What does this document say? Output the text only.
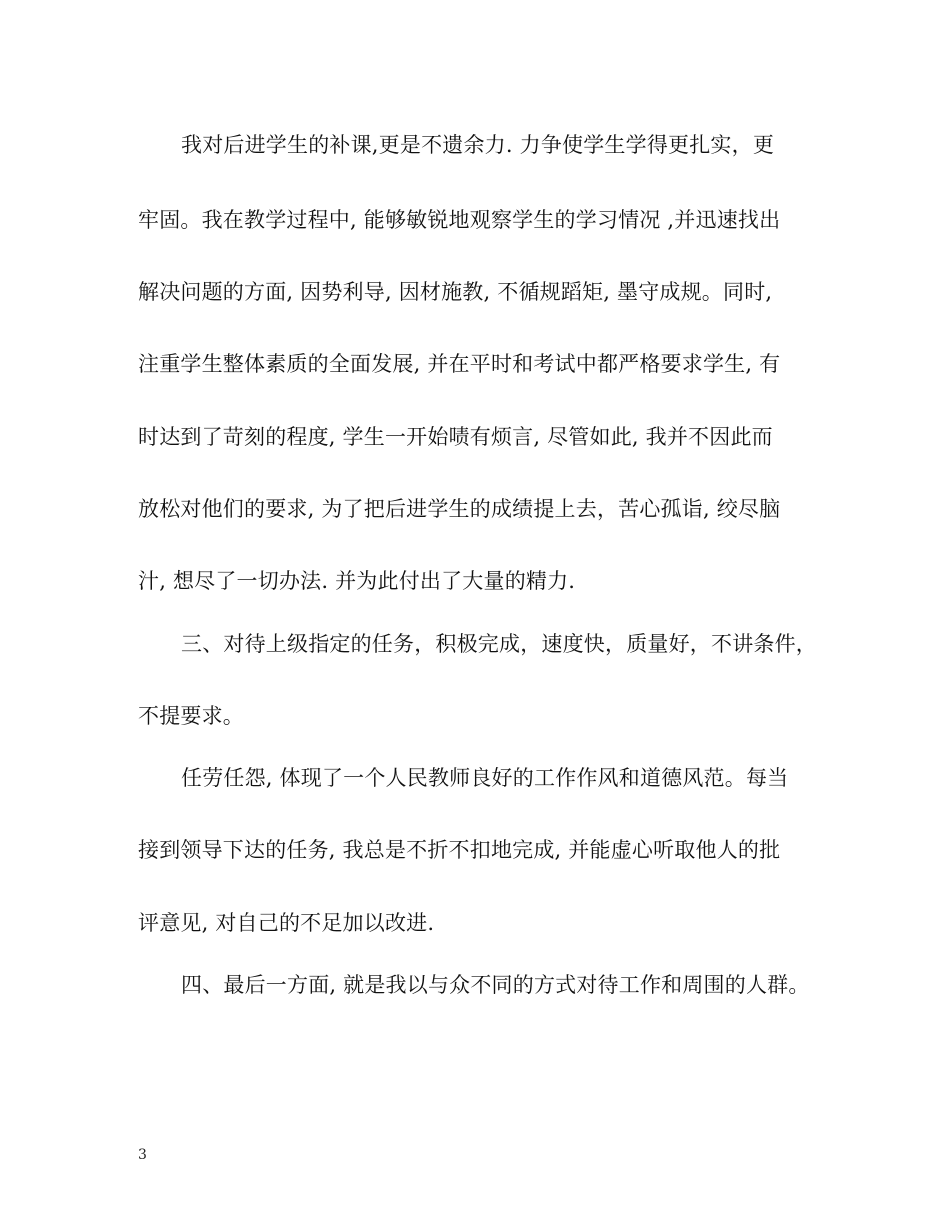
我对后进学生的补课,更是不遗余力. 力争使学生学得更扎实，更
牢固。我在教学过程中, 能够敏锐地观察学生的学习情况 ,并迅速找出
解决问题的方面, 因势利导, 因材施教, 不循规蹈矩, 墨守成规。同时,
注重学生整体素质的全面发展, 并在平时和考试中都严格要求学生, 有
时达到了苛刻的程度, 学生一开始啧有烦言, 尽管如此, 我并不因此而
放松对他们的要求, 为了把后进学生的成绩提上去，苦心孤诣, 绞尽脑
汁, 想尽了一切办法. 并为此付出了大量的精力.
三、对待上级指定的任务，积极完成，速度快，质量好，不讲条件，
不提要求。
任劳任怨, 体现了一个人民教师良好的工作作风和道德风范。每当
接到领导下达的任务, 我总是不折不扣地完成, 并能虚心听取他人的批
评意见, 对自己的不足加以改进.
四、最后一方面, 就是我以与众不同的方式对待工作和周围的人群。
3
